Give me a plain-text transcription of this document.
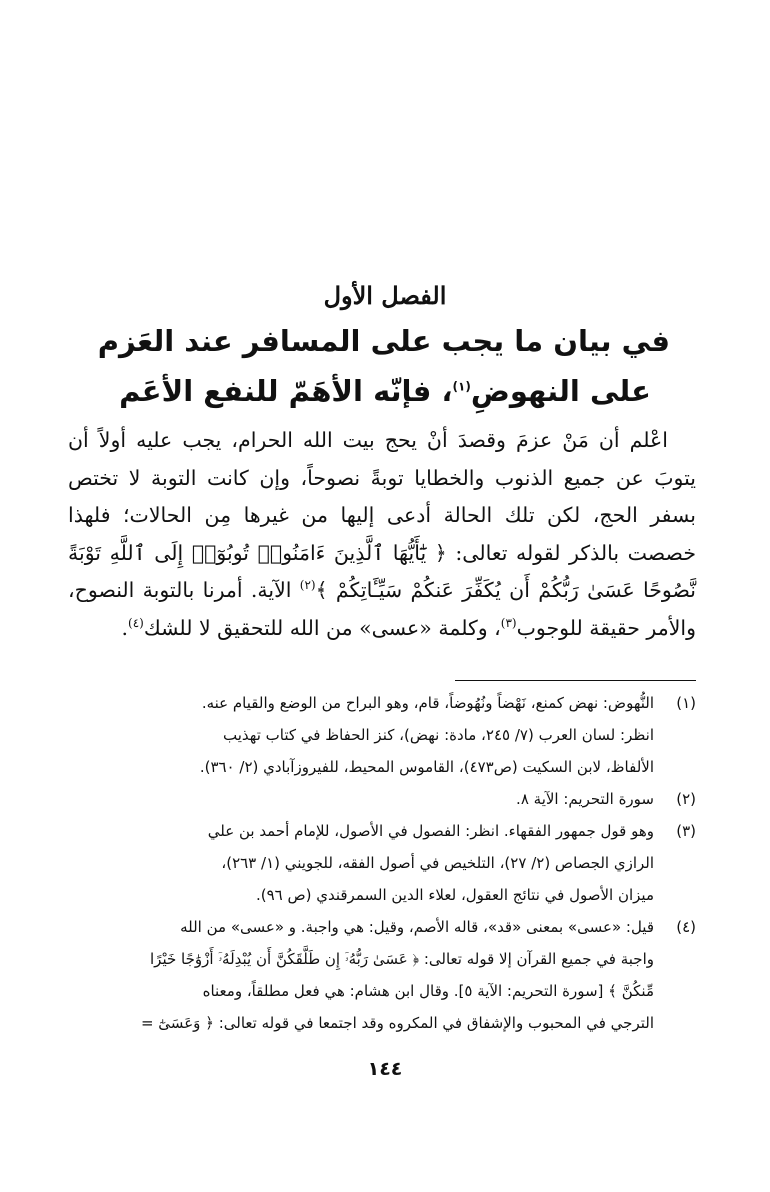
الفصل الأول
في بيان ما يجب على المسافر عند العَزم
على النهوضِ$^{(١)}$، فإنّه الأهَمّ للنفع الأعَم

اعْلم أن مَنْ عزمَ وقصدَ أنْ يحج بيت الله الحرام، يجب عليه أولاً أن يتوبَ عن جميع الذنوب والخطايا توبةً نصوحاً، وإن كانت التوبة لا تختص بسفر الحج، لكن تلك الحالة أدعى إليها من غيرها مِن الحالات؛ فلهذا خصصت بالذكر لقوله تعالى: ﴿ يَٰٓأَيُّهَا ٱلَّذِينَ ءَامَنُوا۟ تُوبُوٓا۟ إِلَى ٱللَّهِ تَوْبَةً نَّصُوحًا عَسَىٰ رَبُّكُمْ أَن يُكَفِّرَ عَنكُمْ سَيِّـَٔاتِكُمْ ﴾$^{(٢)}$ الآية. أمرنا بالتوبة النصوح، والأمر حقيقة للوجوب$^{(٣)}$، وكلمة «عسى» من الله للتحقيق لا للشك$^{(٤)}$.

(١)
النُّهوض: نهض كمنع، نَهْضاً ونُهُوضاً، قام، وهو البراح من الوضع والقيام عنه.
انظر: لسان العرب (٧/ ٢٤٥، مادة: نهض)، كنز الحفاظ في كتاب تهذيب
الألفاظ، لابن السكيت (ص٤٧٣)، القاموس المحيط، للفيروزآبادي (٢/ ٣٦٠).
(٢)
سورة التحريم: الآية ٨.
(٣)
وهو قول جمهور الفقهاء. انظر: الفصول في الأصول، للإمام أحمد بن علي
الرازي الجصاص (٢/ ٢٧)، التلخيص في أصول الفقه، للجويني (١/ ٢٦٣)،
ميزان الأصول في نتائج العقول، لعلاء الدين السمرقندي (ص ٩٦).
(٤)
قيل: «عسى» بمعنى «قد»، قاله الأصم، وقيل: هي واجبة. و «عسى» من الله
واجبة في جميع القرآن إلا قوله تعالى: ﴿ عَسَىٰ رَبُّهُۥٓ إِن طَلَّقَكُنَّ أَن يُبْدِلَهُۥٓ أَزْوَٰجًا خَيْرًا
مِّنكُنَّ ﴾ [سورة التحريم: الآية ٥]. وقال ابن هشام: هي فعل مطلقاً، ومعناه
الترجي في المحبوب والإشفاق في المكروه وقد اجتمعا في قوله تعالى: ﴿ وَعَسَىٰٓ =
١٤٤
